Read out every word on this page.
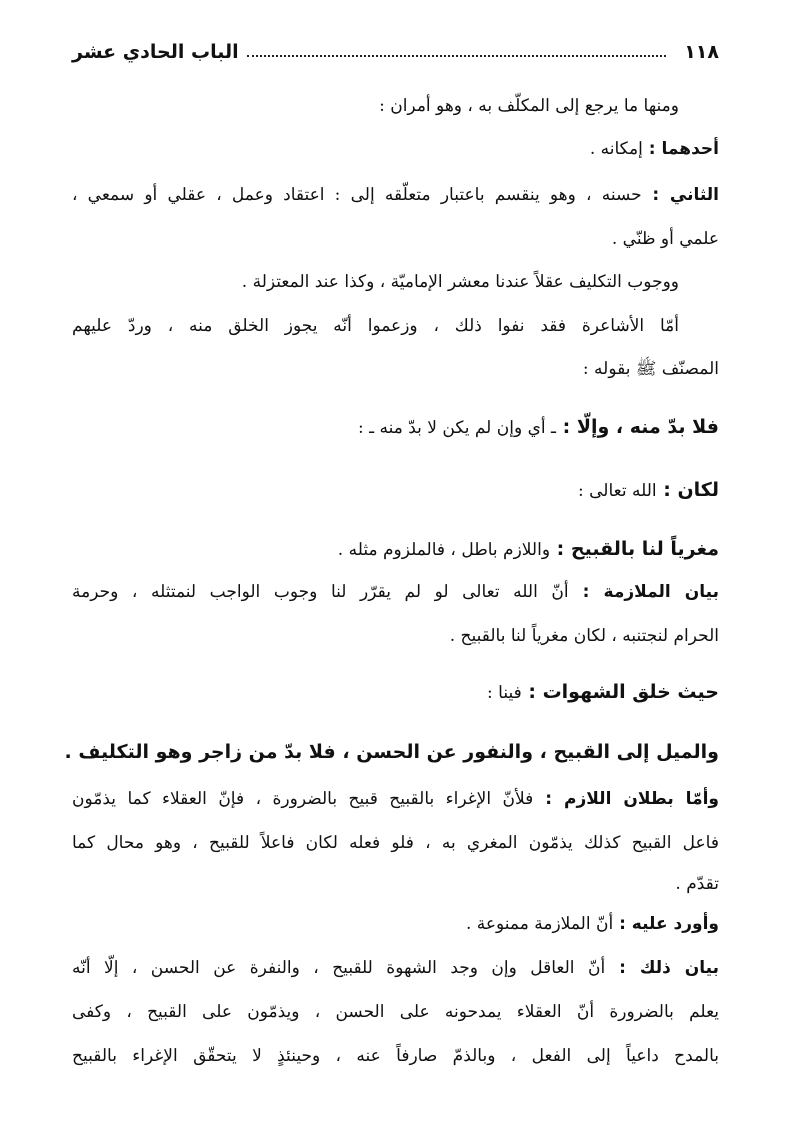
١١٨
الباب الحادي عشر
ومنها ما يرجع إلى المكلّف به ، وهو أمران :
أحدهما : إمكانه .
الثاني : حسنه ، وهو ينقسم باعتبار متعلّقه إلى : اعتقاد وعمل ، عقلي أو سمعي ،
علمي أو ظنّي .
ووجوب التكليف عقلاً عندنا معشر الإماميّة ، وكذا عند المعتزلة .
أمّا الأشاعرة فقد نفوا ذلك ، وزعموا أنّه يجوز الخلق منه ، وردّ عليهم
المصنّف ﷺ بقوله :
فلا بدّ منه ، وإلّا : ـ أي وإن لم يكن لا بدّ منه ـ :
لكان : الله تعالى :
مغرياً لنا بالقبيح : واللازم باطل ، فالملزوم مثله .
بيان الملازمة : أنّ الله تعالى لو لم يقرّر لنا وجوب الواجب لنمتثله ، وحرمة
الحرام لنجتنبه ، لكان مغرياً لنا بالقبيح .
حيث خلق الشهوات : فينا :
والميل إلى القبيح ، والنفور عن الحسن ، فلا بدّ من زاجر وهو التكليف .
وأمّا بطلان اللازم : فلأنّ الإغراء بالقبيح قبيح بالضرورة ، فإنّ العقلاء كما يذمّون
فاعل القبيح كذلك يذمّون المغري به ، فلو فعله لكان فاعلاً للقبيح ، وهو محال كما
تقدّم .
وأورد عليه : أنّ الملازمة ممنوعة .
بيان ذلك : أنّ العاقل وإن وجد الشهوة للقبيح ، والنفرة عن الحسن ، إلّا أنّه
يعلم بالضرورة أنّ العقلاء يمدحونه على الحسن ، ويذمّون على القبيح ، وكفى
بالمدح داعياً إلى الفعل ، وبالذمّ صارفاً عنه ، وحينئذٍ لا يتحقّق الإغراء بالقبيح
